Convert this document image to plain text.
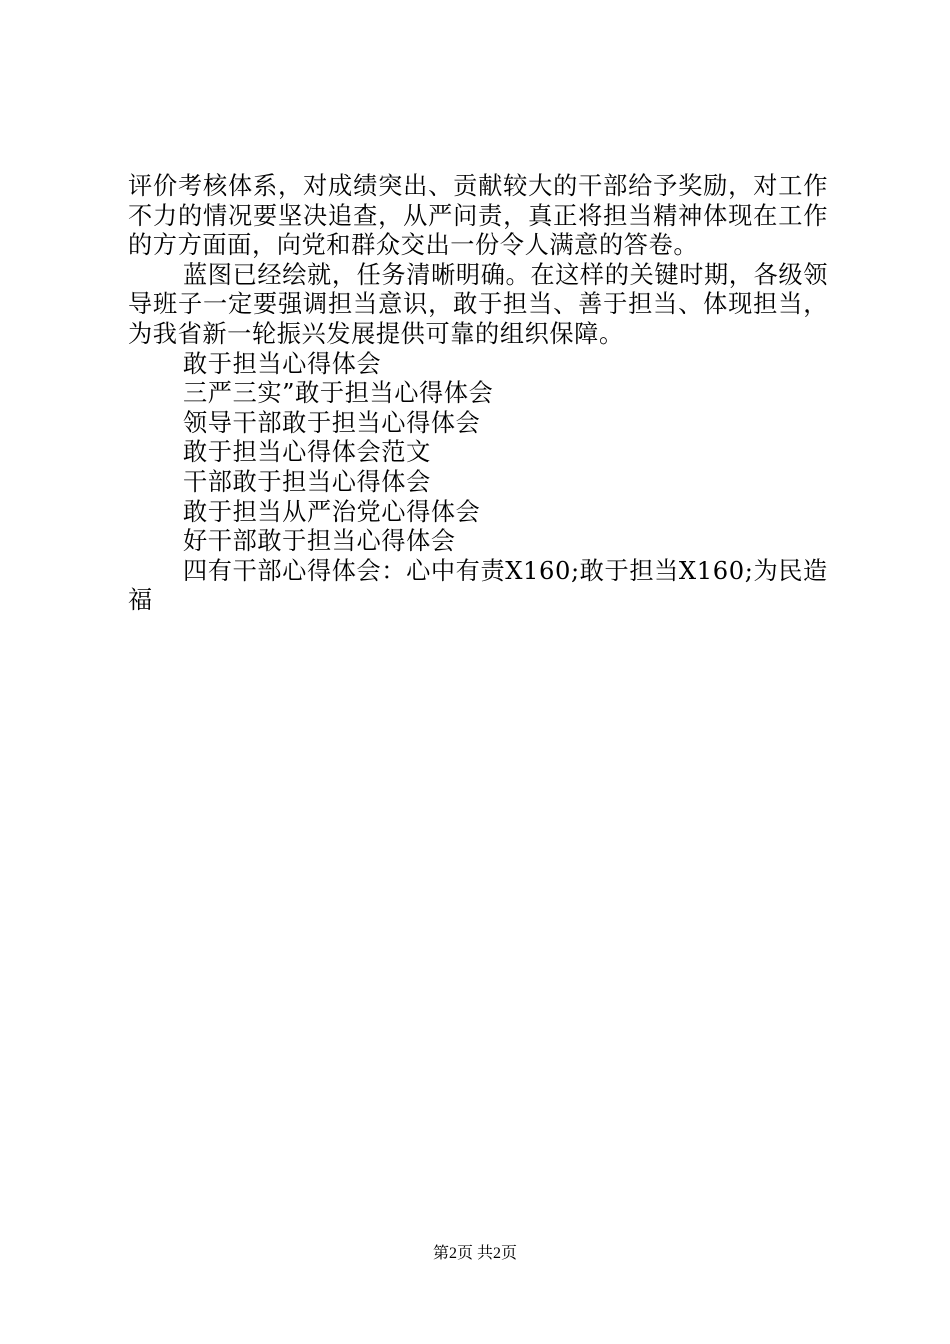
评价考核体系，对成绩突出、贡献较大的干部给予奖励，对工作不力的情况要坚决追查，从严问责，真正将担当精神体现在工作的方方面面，向党和群众交出一份令人满意的答卷。

蓝图已经绘就，任务清晰明确。在这样的关键时期，各级领导班子一定要强调担当意识，敢于担当、善于担当、体现担当，为我省新一轮振兴发展提供可靠的组织保障。

敢于担当心得体会

三严三实”敢于担当心得体会

领导干部敢于担当心得体会

敢于担当心得体会范文

干部敢于担当心得体会

敢于担当从严治党心得体会

好干部敢于担当心得体会

四有干部心得体会：心中有责X160;敢于担当X160;为民造福

第2页 共2页
